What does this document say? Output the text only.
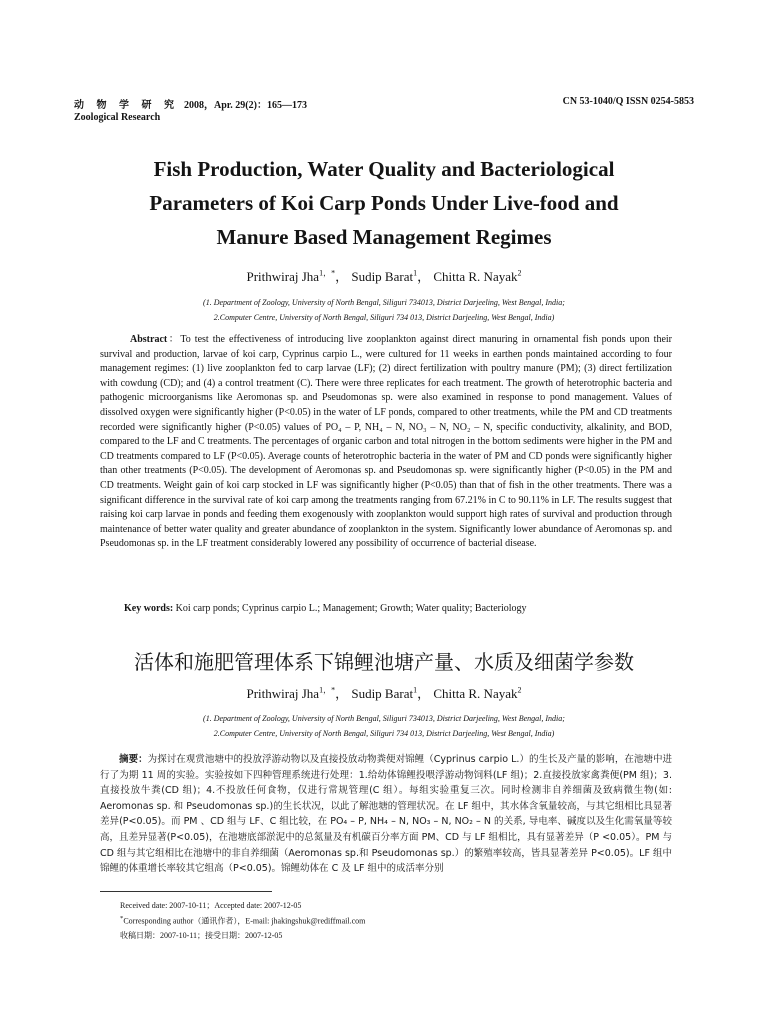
动 物 学 研 究 2008，Apr. 29(2)：165—173	CN 53-1040/Q ISSN 0254-5853
Zoological Research
Fish Production, Water Quality and Bacteriological
Parameters of Koi Carp Ponds Under Live-food and
Manure Based Management Regimes
Prithwiraj Jha$^{1,*}$， Sudip Barat$^1$， Chitta R. Nayak$^2$
(1. Department of Zoology, University of North Bengal, Siliguri 734013, District Darjeeling, West Bengal, India;
2.Computer Centre, University of North Bengal, Siliguri 734 013, District Darjeeling, West Bengal, India)
   Abstract：To test the effectiveness of introducing live zooplankton against direct manuring in ornamental fish ponds upon their survival and production, larvae of koi carp, Cyprinus carpio L., were cultured for 11 weeks in earthen ponds maintained according to four management regimes: (1) live zooplankton fed to carp larvae (LF); (2) direct fertilization with poultry manure (PM); (3) direct fertilization with cowdung (CD); and (4) a control treatment (C). There were three replicates for each treatment. The growth of heterotrophic bacteria and pathogenic microorganisms like Aeromonas sp. and Pseudomonas sp. were also examined in response to pond management. Values of dissolved oxygen were significantly higher (P<0.05) in the water of LF ponds, compared to other treatments, while the PM and CD treatments recorded were significantly higher (P<0.05) values of PO₄ – P, NH₄ – N, NO₃ – N, NO₂ – N, specific conductivity, alkalinity, and BOD, compared to the LF and C treatments. The percentages of organic carbon and total nitrogen in the bottom sediments were higher in the PM and CD treatments compared to LF (P<0.05). Average counts of heterotrophic bacteria in the water of PM and CD ponds were significantly higher than other treatments (P<0.05). The development of Aeromonas sp. and Pseudomonas sp. were significantly higher (P<0.05) in the PM and CD treatments. Weight gain of koi carp stocked in LF was significantly higher (P<0.05) than that of fish in the other treatments. There was a significant difference in the survival rate of koi carp among the treatments ranging from 67.21% in C to 90.11% in LF. The results suggest that raising koi carp larvae in ponds and feeding them exogenously with zooplankton would support high rates of survival and production through maintenance of better water quality and greater abundance of zooplankton in the system. Significantly lower abundance of Aeromonas sp. and Pseudomonas sp. in the LF treatment considerably lowered any possibility of occurrence of bacterial disease.
Key words: Koi carp ponds; Cyprinus carpio L.; Management; Growth; Water quality; Bacteriology
活体和施肥管理体系下锦鲤池塘产量、水质及细菌学参数
Prithwiraj Jha$^{1,*}$， Sudip Barat$^1$， Chitta R. Nayak$^2$
(1. Department of Zoology, University of North Bengal, Siliguri 734013, District Darjeeling, West Bengal, India;
2.Computer Centre, University of North Bengal, Siliguri 734 013, District Darjeeling, West Bengal, India)
  摘要：为探讨在观赏池塘中的投放浮游动物以及直接投放动物粪便对锦鲤（Cyprinus carpio L.）的生长及产量的影响，在池塘中进行了为期 11 周的实验。实验按如下四种管理系统进行处理：1.给幼体锦鲤投喂浮游动物饲料(LF 组)；2.直接投放家禽粪便(PM 组)；3.直接投放牛粪(CD 组)；4.不投放任何食物，仅进行常规管理(C 组）。每组实验重复三次。同时检测非自养细菌及致病微生物(如: Aeromonas sp. 和 Pseudomonas sp.)的生长状况，以此了解池塘的管理状况。在 LF 组中，其水体含氧量较高，与其它组相比具显著差异(P<0.05)。而 PM 、CD 组与 LF、C 组比较，在 PO₄ – P, NH₄ – N, NO₃ – N, NO₂ – N 的关系, 导电率、碱度以及生化需氧量等较高，且差异显著(P<0.05)，在池塘底部淤泥中的总氮量及有机碳百分率方面 PM、CD 与 LF 组相比，具有显著差异（P <0.05）。PM 与 CD 组与其它组相比在池塘中的非自养细菌（Aeromonas sp.和 Pseudomonas sp.）的繁殖率较高，皆具显著差异 P<0.05)。LF 组中锦鲤的体重增长率较其它组高（P<0.05)。锦鲤幼体在 C 及 LF 组中的成活率分别
Received date: 2007-10-11；Accepted date: 2007-12-05
*Corresponding author（通讯作者），E-mail: jhakingshuk@rediffmail.com
收稿日期：2007-10-11；接受日期：2007-12-05
